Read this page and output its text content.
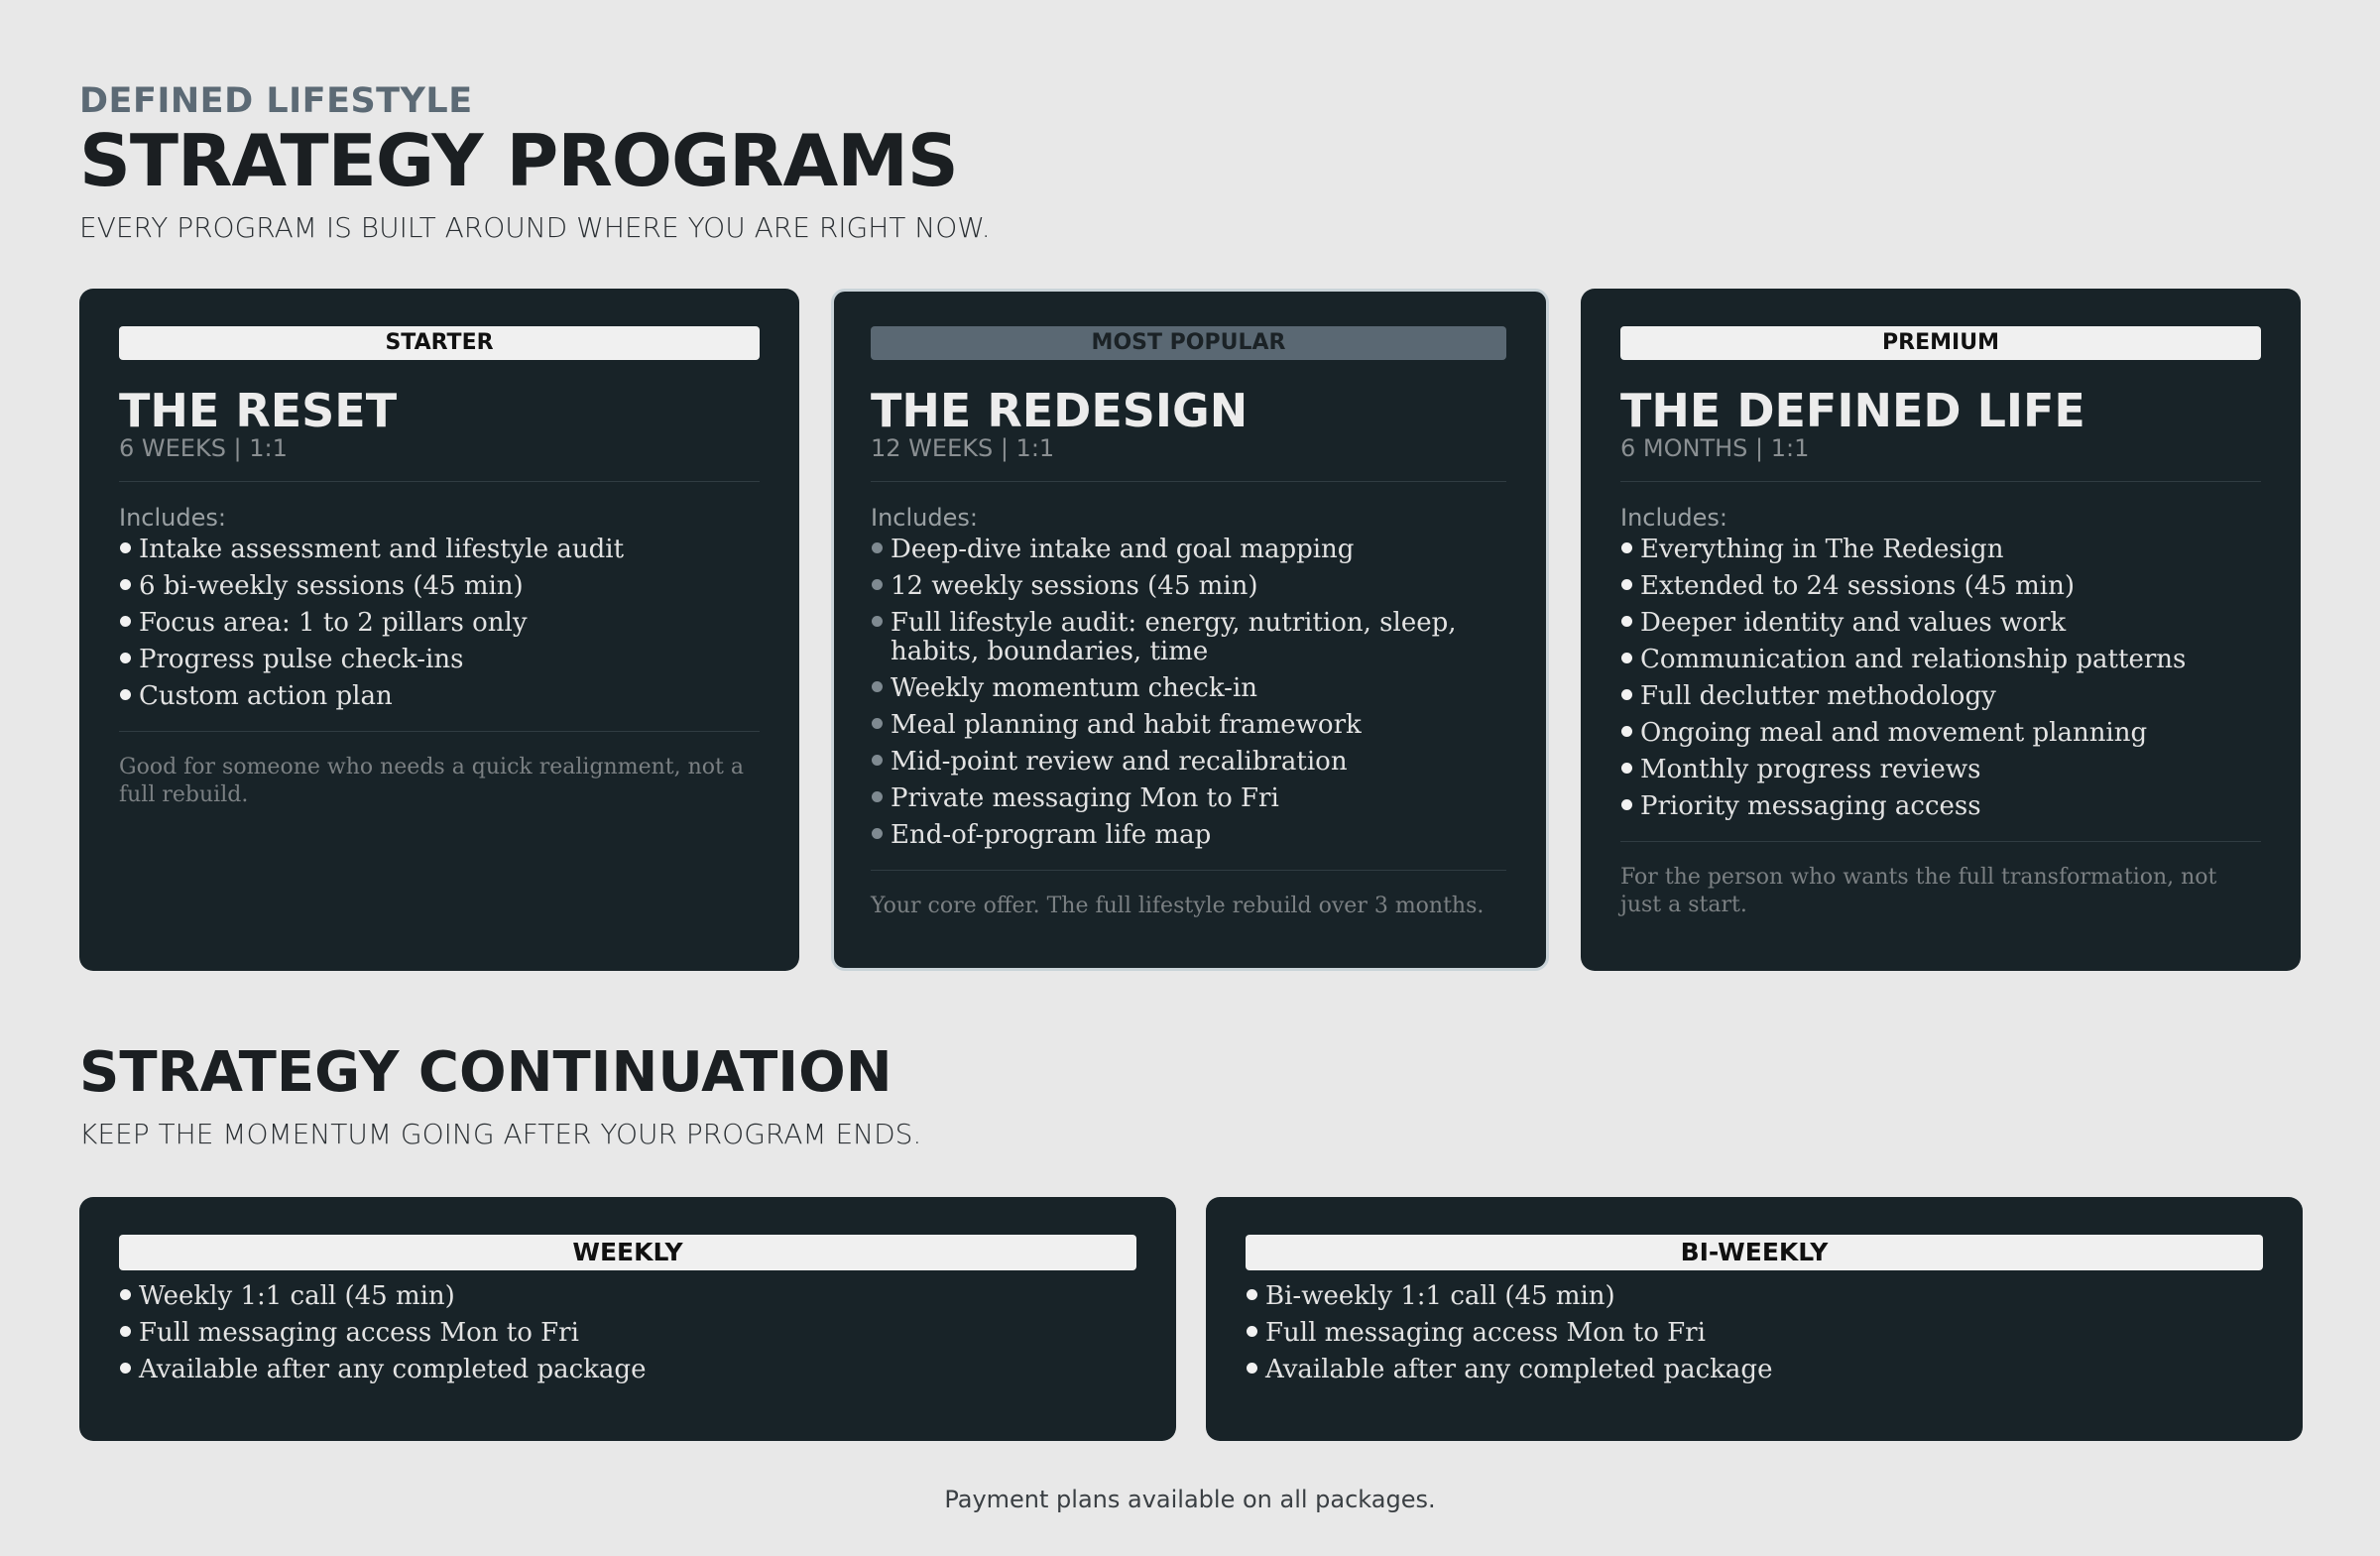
DEFINED LIFESTYLE
STRATEGY PROGRAMS
EVERY PROGRAM IS BUILT AROUND WHERE YOU ARE RIGHT NOW.
STARTER
THE RESET
6 WEEKS | 1:1
Includes:
Intake assessment and lifestyle audit
6 bi-weekly sessions (45 min)
Focus area: 1 to 2 pillars only
Progress pulse check-ins
Custom action plan
Good for someone who needs a quick realignment, not a full rebuild.
MOST POPULAR
THE REDESIGN
12 WEEKS | 1:1
Includes:
Deep-dive intake and goal mapping
12 weekly sessions (45 min)
Full lifestyle audit: energy, nutrition, sleep, habits, boundaries, time
Weekly momentum check-in
Meal planning and habit framework
Mid-point review and recalibration
Private messaging Mon to Fri
End-of-program life map
Your core offer. The full lifestyle rebuild over 3 months.
PREMIUM
THE DEFINED LIFE
6 MONTHS | 1:1
Includes:
Everything in The Redesign
Extended to 24 sessions (45 min)
Deeper identity and values work
Communication and relationship patterns
Full declutter methodology
Ongoing meal and movement planning
Monthly progress reviews
Priority messaging access
For the person who wants the full transformation, not just a start.
STRATEGY CONTINUATION
KEEP THE MOMENTUM GOING AFTER YOUR PROGRAM ENDS.
WEEKLY
Weekly 1:1 call (45 min)
Full messaging access Mon to Fri
Available after any completed package
BI-WEEKLY
Bi-weekly 1:1 call (45 min)
Full messaging access Mon to Fri
Available after any completed package
Payment plans available on all packages.
